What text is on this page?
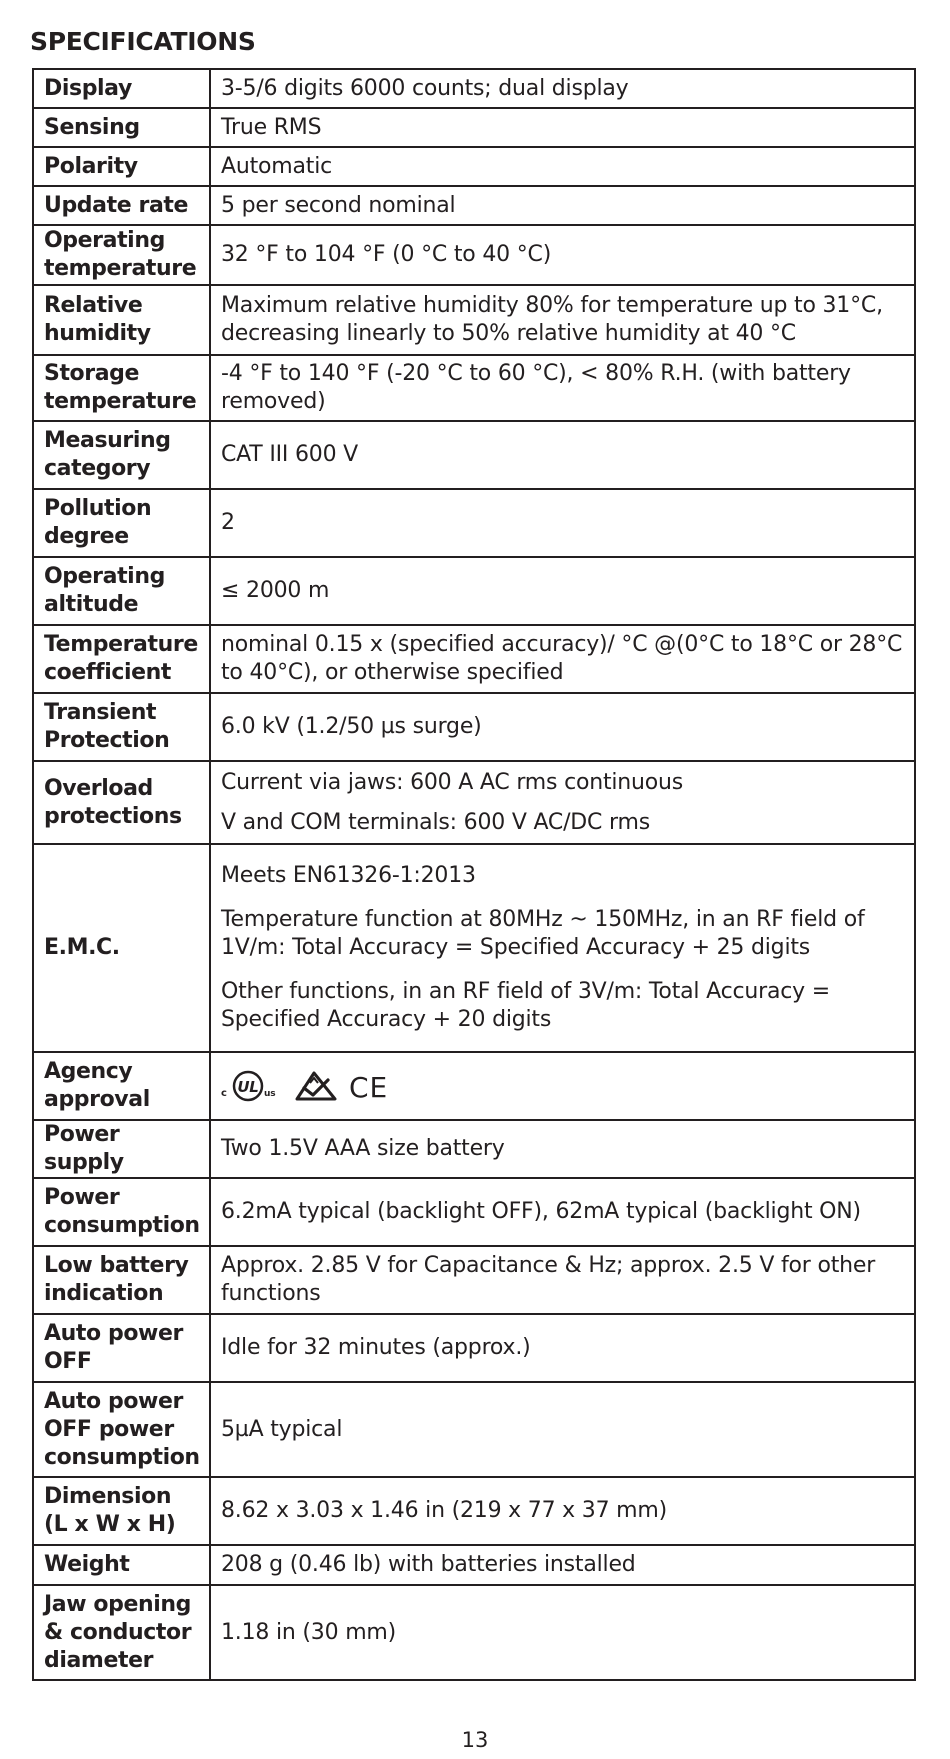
SPECIFICATIONS
Display	3-5/6 digits 6000 counts; dual display

Sensing	True RMS

Polarity	Automatic

Update rate	5 per second nominal

Operating temperature	32 °F to 104 °F (0 °C to 40 °C)

Relative humidity	Maximum relative humidity 80% for temperature up to 31°C, decreasing linearly to 50% relative humidity at 40 °C

Storage temperature	-4 °F to 140 °F (-20 °C to 60 °C), < 80% R.H. (with battery removed)

Measuring category	CAT III 600 V

Pollution degree	2

Operating altitude	≤ 2000 m

Temperature coefficient	nominal 0.15 x (specified accuracy)/ °C @(0°C to 18°C or 28°C to 40°C), or otherwise specified

Transient Protection	6.0 kV (1.2/50 µs surge)

Overload protections	Current via jaws: 600 A AC rms continuous
V and COM terminals: 600 V AC/DC rms

E.M.C.	Meets EN61326-1:2013
Temperature function at 80MHz ~ 150MHz, in an RF field of 1V/m: Total Accuracy = Specified Accuracy + 25 digits
Other functions, in an RF field of 3V/m: Total Accuracy = Specified Accuracy + 20 digits

Agency approval	c UL us CE

Power supply	Two 1.5V AAA size battery

Power consumption	6.2mA typical (backlight OFF), 62mA typical (backlight ON)

Low battery indication	Approx. 2.85 V for Capacitance & Hz; approx. 2.5 V for other functions

Auto power OFF	Idle for 32 minutes (approx.)

Auto power OFF power consumption	5µA typical

Dimension (L x W x H)	8.62 x 3.03 x 1.46 in (219 x 77 x 37 mm)

Weight	208 g (0.46 lb) with batteries installed

Jaw opening & conductor diameter	1.18 in (30 mm)
13
